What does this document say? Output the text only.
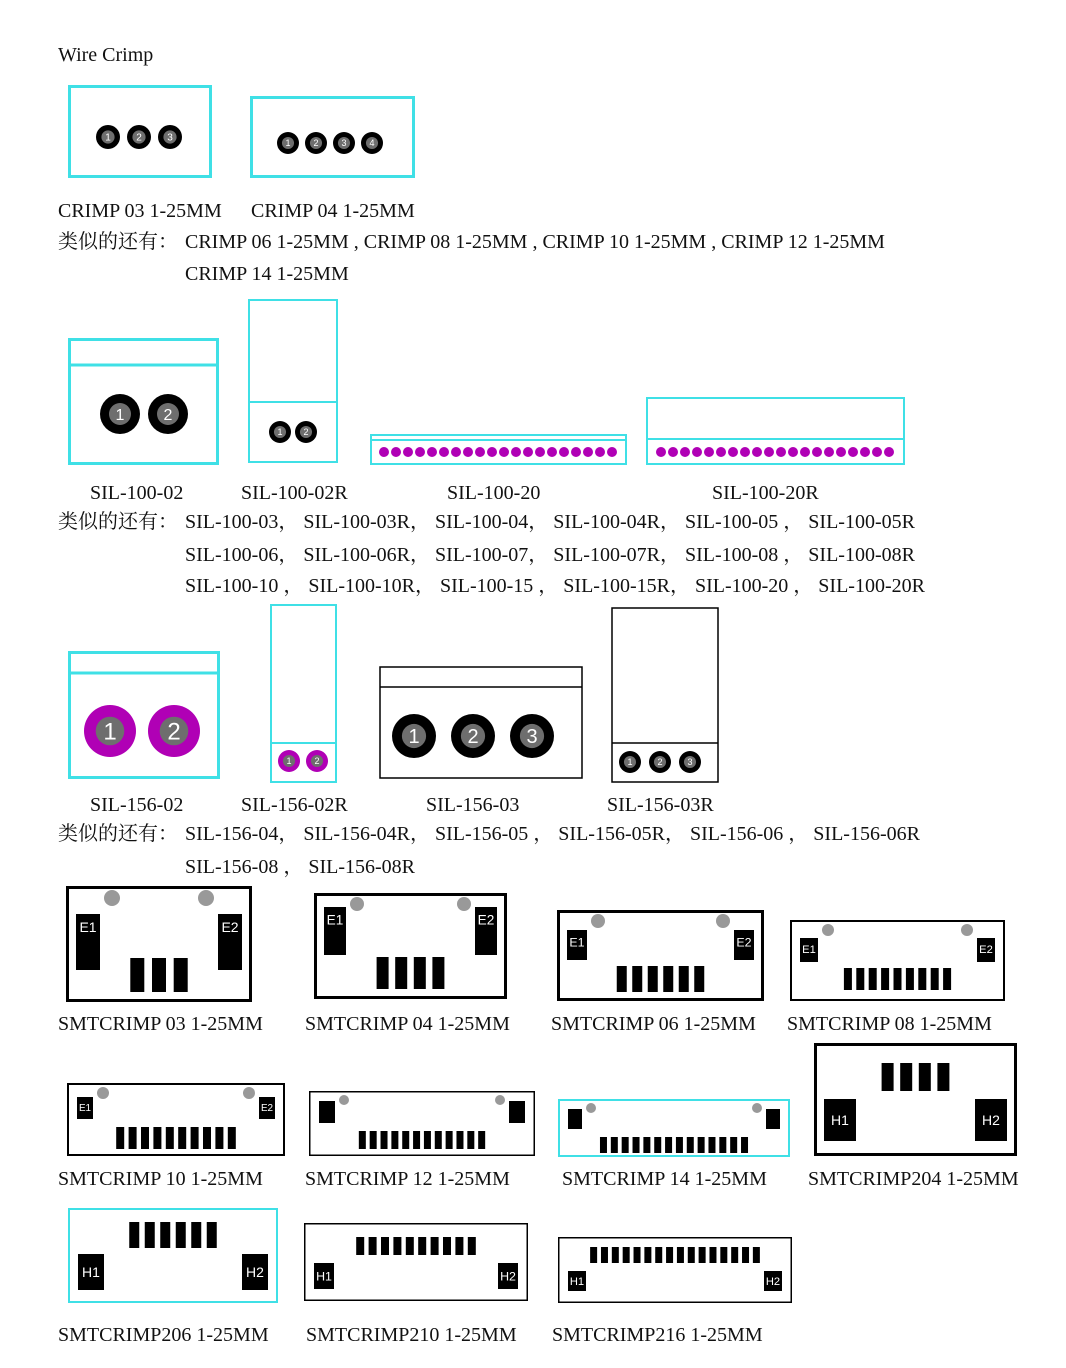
Wire Crimp
1	2	3	1	2	3	4
CRIMP 03 1-25MM CRIMP 04 1-25MM
类似的还有： CRIMP 06 1-25MM , CRIMP 08 1-25MM , CRIMP 10 1-25MM , CRIMP 12 1-25MM
CRIMP 14 1-25MM
1 2
1 2
SIL-100-02	SIL-100-02R	SIL-100-20	SIL-100-20R
类似的还有： SIL-100-03， SIL-100-03R， SIL-100-04， SIL-100-04R， SIL-100-05 ， SIL-100-05R
SIL-100-06， SIL-100-06R， SIL-100-07， SIL-100-07R， SIL-100-08 ， SIL-100-08R
SIL-100-10 ， SIL-100-10R， SIL-100-15 ， SIL-100-15R， SIL-100-20 ， SIL-100-20R
1 2
1	2
1 2 3
1	2	3
SIL-156-02	SIL-156-02R	SIL-156-03	SIL-156-03R
类似的还有： SIL-156-04， SIL-156-04R， SIL-156-05 ， SIL-156-05R， SIL-156-06 ， SIL-156-06R
SIL-156-08 ， SIL-156-08R
E1	E2	E1	E2
E1	E2
E1	E2
SMTCRIMP 03 1-25MM SMTCRIMP 04 1-25MM SMTCRIMP 06 1-25MM SMTCRIMP 08 1-25MM
E1	E2
H1	H2
SMTCRIMP 10 1-25MM SMTCRIMP 12 1-25MM	SMTCRIMP 14 1-25MM SMTCRIMP204 1-25MM
H1	H2	H1	H2	H1	H2
SMTCRIMP206 1-25MM SMTCRIMP210 1-25MM SMTCRIMP216 1-25MM
